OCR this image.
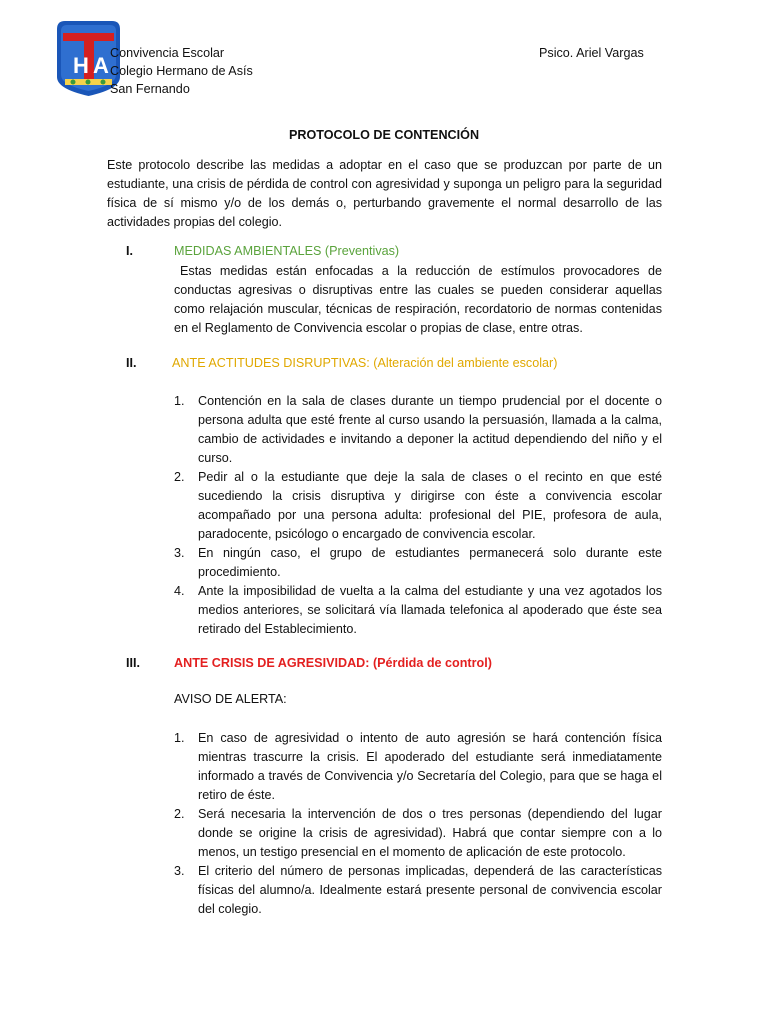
H A Convivencia Escolar
Colegio Hermano de Asís
San Fernando
Psico. Ariel Vargas
PROTOCOLO DE CONTENCIÓN
Este protocolo describe las medidas a adoptar en el caso que se produzcan por parte de un estudiante, una crisis de pérdida de control con agresividad y suponga un peligro para la seguridad física de sí mismo y/o de los demás o, perturbando gravemente el normal desarrollo de las actividades propias del colegio.
I.	MEDIDAS AMBIENTALES (Preventivas)
Estas medidas están enfocadas a la reducción de estímulos provocadores de conductas agresivas o disruptivas entre las cuales se pueden considerar aquellas como relajación muscular, técnicas de respiración, recordatorio de normas contenidas en el Reglamento de Convivencia escolar o propias de clase, entre otras.
II.	ANTE ACTITUDES DISRUPTIVAS: (Alteración del ambiente escolar)
1. Contención en la sala de clases durante un tiempo prudencial por el docente o persona adulta que esté frente al curso usando la persuasión, llamada a la calma, cambio de actividades e invitando a deponer la actitud dependiendo del niño y el curso.
2. Pedir al o la estudiante que deje la sala de clases o el recinto en que esté sucediendo la crisis disruptiva y dirigirse con éste a convivencia escolar acompañado por una persona adulta: profesional del PIE, profesora de aula, paradocente, psicólogo o encargado de convivencia escolar.
3. En ningún caso, el grupo de estudiantes permanecerá solo durante este procedimiento.
4. Ante la imposibilidad de vuelta a la calma del estudiante y una vez agotados los medios anteriores, se solicitará vía llamada telefonica al apoderado que éste sea retirado del Establecimiento.
III.	ANTE CRISIS DE AGRESIVIDAD: (Pérdida de control)
AVISO DE ALERTA:
1. En caso de agresividad o intento de auto agresión se hará contención física mientras trascurre la crisis. El apoderado del estudiante será inmediatamente informado a través de Convivencia y/o Secretaría del Colegio, para que se haga el retiro de éste.
2. Será necesaria la intervención de dos o tres personas (dependiendo del lugar donde se origine la crisis de agresividad). Habrá que contar siempre con a lo menos, un testigo presencial en el momento de aplicación de este protocolo.
3. El criterio del número de personas implicadas, dependerá de las características físicas del alumno/a. Idealmente estará presente personal de convivencia escolar del colegio.
